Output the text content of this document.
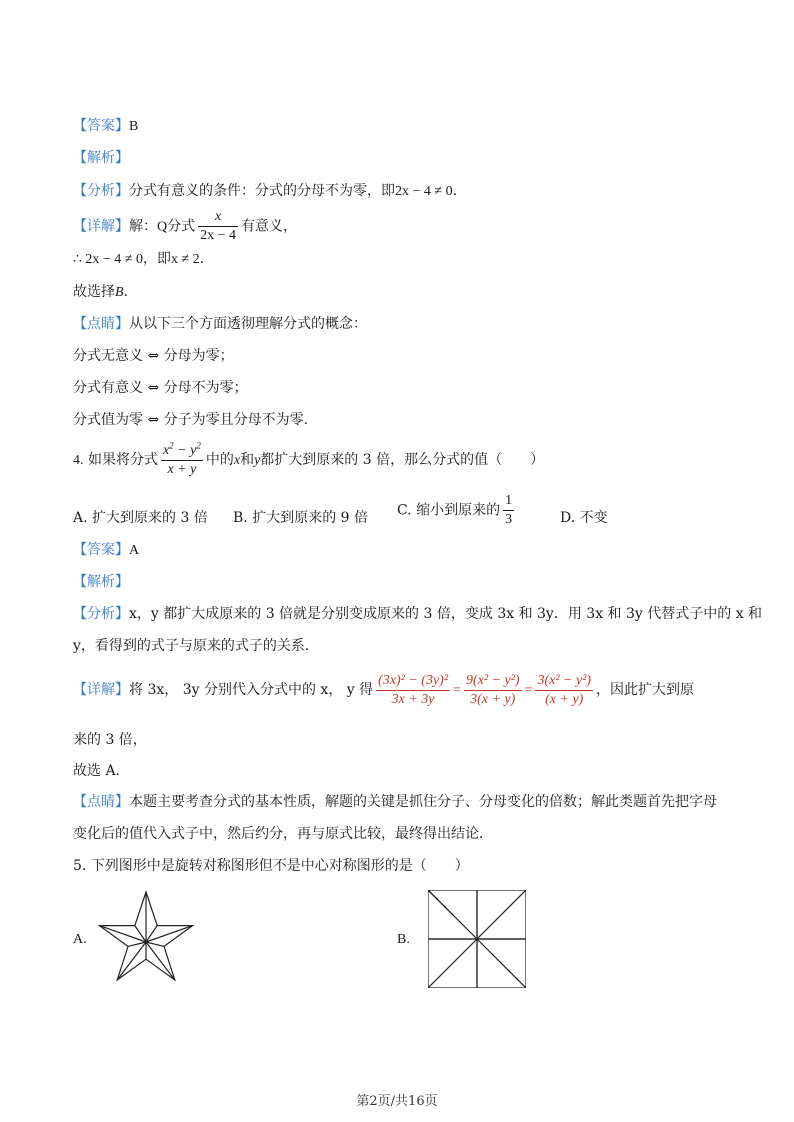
【答案】B
【解析】
【分析】分式有意义的条件：分式的分母不为零，即2x − 4 ≠ 0．
【详解】解：Q分式 $\frac{x}{2x - 4}$ 有意义，
∴ 2x − 4 ≠ 0，即x ≠ 2．
故选择B.
【点睛】从以下三个方面透彻理解分式的概念：
分式无意义 ⇔ 分母为零；
分式有意义 ⇔ 分母不为零；
分式值为零 ⇔ 分子为零且分母不为零.
4. 如果将分式 $\frac{x^2 - y^2}{x + y}$ 中的x和y都扩大到原来的 3 倍，那么分式的值（　　）
A. 扩大到原来的 3 倍 B. 扩大到原来的 9 倍 C. 缩小到原来的 $\frac{1}{3}$	D. 不变
【答案】A
【解析】
【分析】x，y 都扩大成原来的 3 倍就是分别变成原来的 3 倍，变成 3x 和 3y．用 3x 和 3y 代替式子中的 x 和
y，看得到的式子与原来的式子的关系．
【详解】将 3x， 3y 分别代入分式中的 x， y 得 $\frac{\text{(3x)² − (3y)²}}{3x + 3y} = \frac{\text{9(x² − y²)}}{3(x + y)} = \frac{\text{3(x² − y²)}}{(x + y)}$ ，因此扩大到原
来的 3 倍，
故选 A．
【点睛】本题主要考查分式的基本性质，解题的关键是抓住分子、分母变化的倍数；解此类题首先把字母
变化后的值代入式子中，然后约分，再与原式比较，最终得出结论．
5. 下列图形中是旋转对称图形但不是中心对称图形的是（　　）
A.	B.
第2页/共16页
